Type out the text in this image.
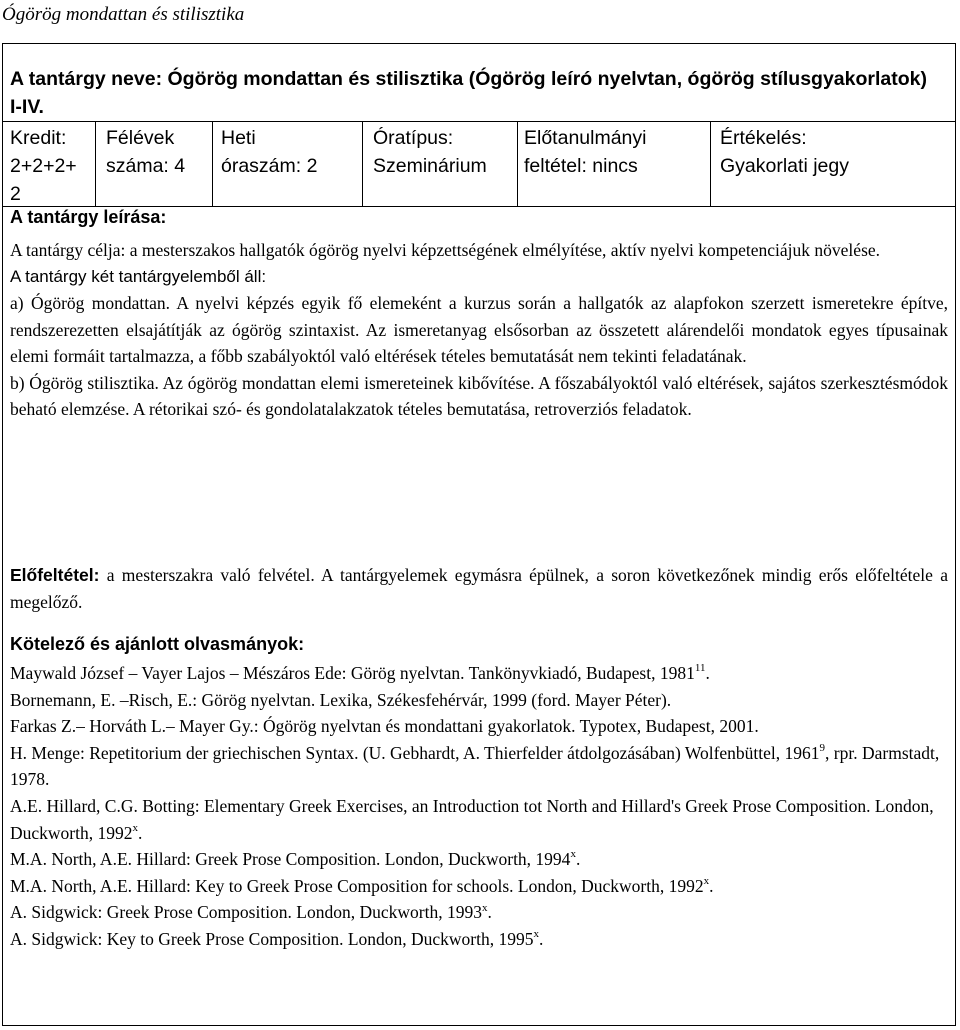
Ógörög mondattan és stilisztika
A tantárgy neve: Ógörög mondattan és stilisztika (Ógörög leíró nyelvtan, ógörög stílusgyakorlatok) I-IV.
Kredit:
2+2+2+
2
Félévek
száma: 4
Heti
óraszám: 2
Óratípus:
Szeminárium
Előtanulmányi
feltétel: nincs
Értékelés:
Gyakorlati jegy
A tantárgy leírása:

A tantárgy célja: a mesterszakos hallgatók ógörög nyelvi képzettségének elmélyítése, aktív nyelvi kompetenciájuk növelése.

A tantárgy két tantárgyelemből áll:

a) Ógörög mondattan. A nyelvi képzés egyik fő elemeként a kurzus során a hallgatók az alapfokon szerzett ismeretekre építve, rendszerezetten elsajátítják az ógörög szintaxist. Az ismeretanyag elsősorban az összetett alárendelői mondatok egyes típusainak elemi formáit tartalmazza, a főbb szabályoktól való eltérések tételes bemutatását nem tekinti feladatának.

b) Ógörög stilisztika. Az ógörög mondattan elemi ismereteinek kibővítése. A főszabályoktól való eltérések, sajátos szerkesztésmódok beható elemzése. A rétorikai szó- és gondolatalakzatok tételes bemutatása, retroverziós feladatok.

Előfeltétel: a mesterszakra való felvétel. A tantárgyelemek egymásra épülnek, a soron következőnek mindig erős előfeltétele a megelőző.
Kötelező és ajánlott olvasmányok:

Maywald József – Vayer Lajos – Mészáros Ede: Görög nyelvtan. Tankönyvkiadó, Budapest, 1981$^{11}$.

Bornemann, E. –Risch, E.: Görög nyelvtan. Lexika, Székesfehérvár, 1999 (ford. Mayer Péter).

Farkas Z.– Horváth L.– Mayer Gy.: Ógörög nyelvtan és mondattani gyakorlatok. Typotex, Budapest, 2001.

H. Menge: Repetitorium der griechischen Syntax. (U. Gebhardt, A. Thierfelder átdolgozásában) Wolfenbüttel, 1961$^9$, rpr. Darmstadt, 1978.

A.E. Hillard, C.G. Botting: Elementary Greek Exercises, an Introduction tot North and Hillard's Greek Prose Composition. London, Duckworth, 1992$^x$.

M.A. North, A.E. Hillard: Greek Prose Composition. London, Duckworth, 1994$^x$.

M.A. North, A.E. Hillard: Key to Greek Prose Composition for schools. London, Duckworth, 1992$^x$.

A. Sidgwick: Greek Prose Composition. London, Duckworth, 1993$^x$.

A. Sidgwick: Key to Greek Prose Composition. London, Duckworth, 1995$^x$.
